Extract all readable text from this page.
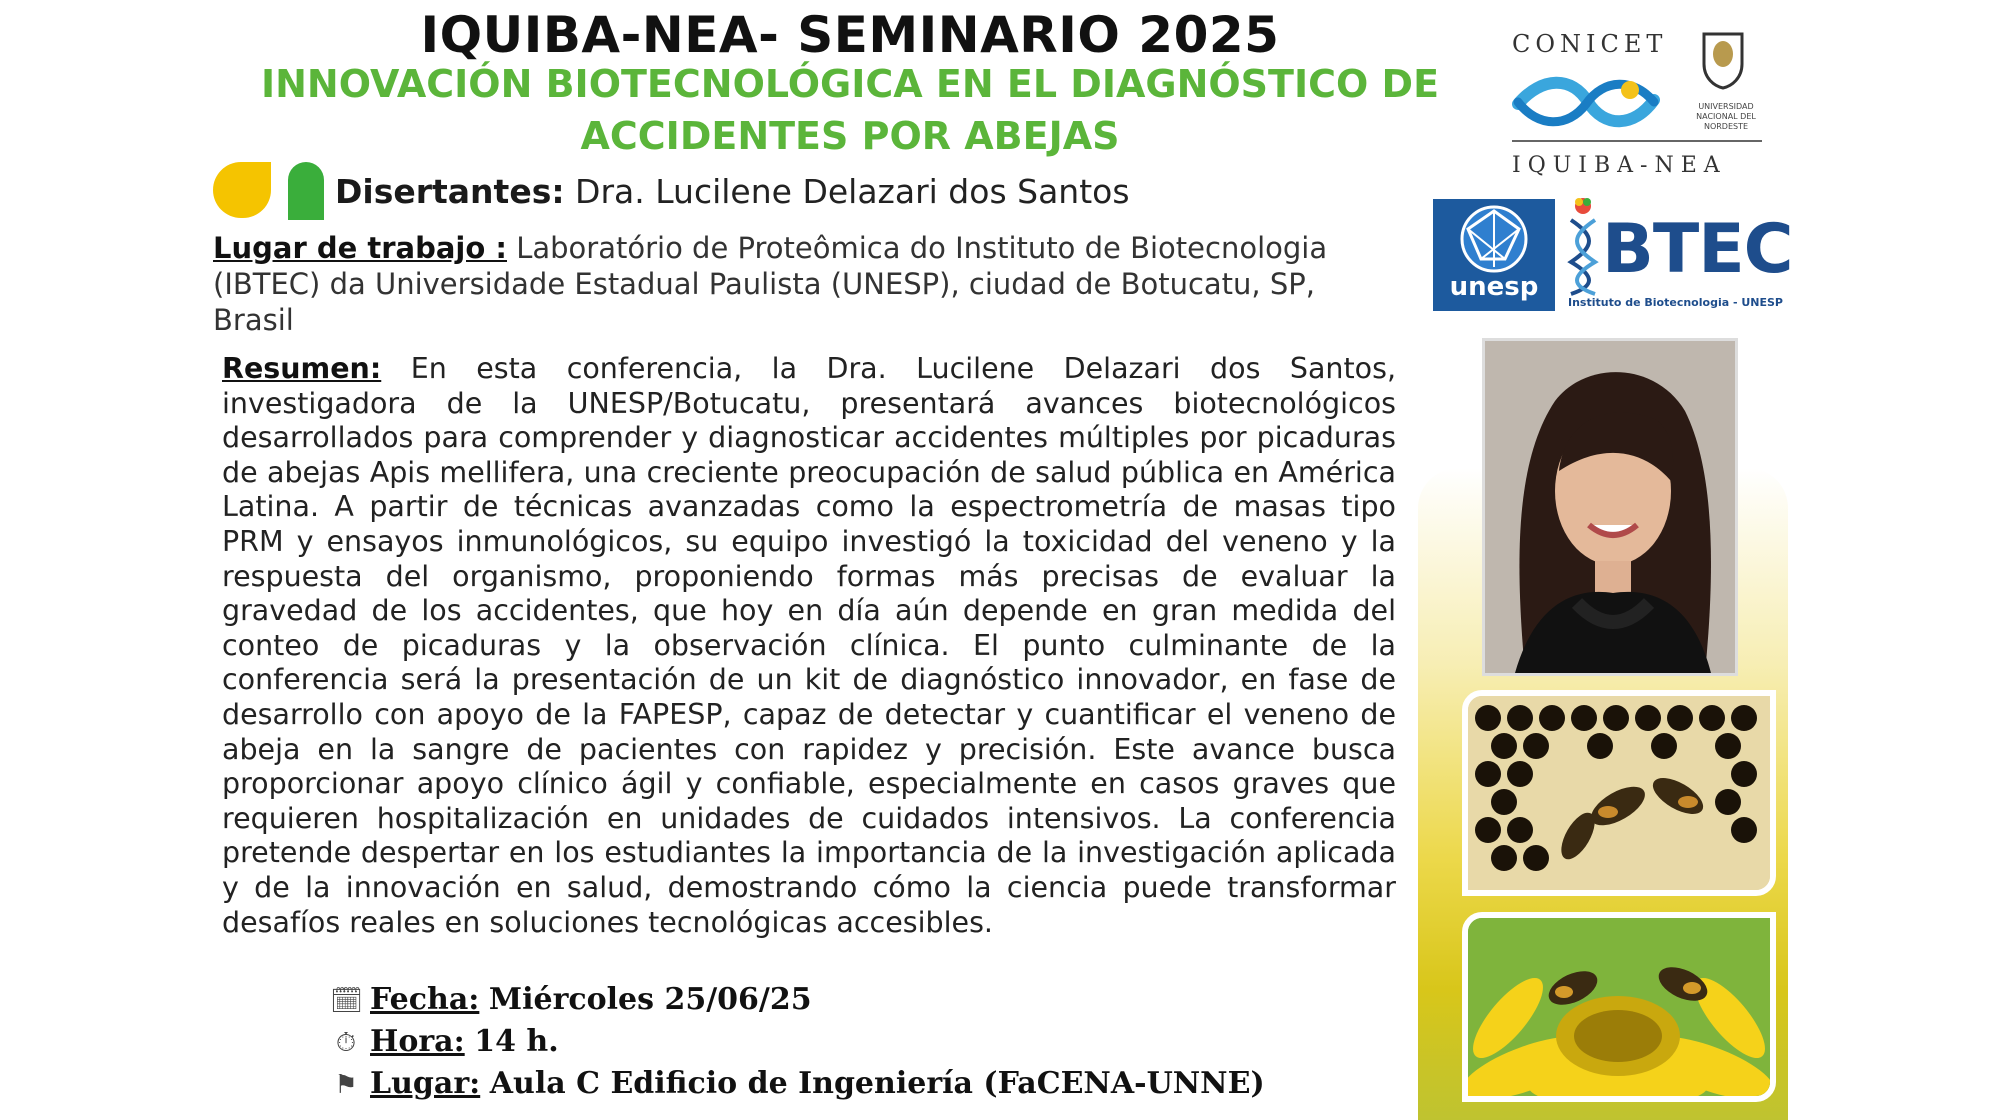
IQUIBA-NEA- SEMINARIO 2025
INNOVACIÓN BIOTECNOLÓGICA EN EL DIAGNÓSTICO DE ACCIDENTES POR ABEJAS
Disertantes: Dra. Lucilene Delazari dos Santos
Lugar de trabajo : Laboratório de Proteômica do Instituto de Biotecnologia (IBTEC) da Universidade Estadual Paulista (UNESP), ciudad de Botucatu, SP, Brasil
Resumen: En esta conferencia, la Dra. Lucilene Delazari dos Santos, investigadora de la UNESP/Botucatu, presentará avances biotecnológicos desarrollados para comprender y diagnosticar accidentes múltiples por picaduras de abejas Apis mellifera, una creciente preocupación de salud pública en América Latina. A partir de técnicas avanzadas como la espectrometría de masas tipo PRM y ensayos inmunológicos, su equipo investigó la toxicidad del veneno y la respuesta del organismo, proponiendo formas más precisas de evaluar la gravedad de los accidentes, que hoy en día aún depende en gran medida del conteo de picaduras y la observación clínica. El punto culminante de la conferencia será la presentación de un kit de diagnóstico innovador, en fase de desarrollo con apoyo de la FAPESP, capaz de detectar y cuantificar el veneno de abeja en la sangre de pacientes con rapidez y precisión. Este avance busca proporcionar apoyo clínico ágil y confiable, especialmente en casos graves que requieren hospitalización en unidades de cuidados intensivos. La conferencia pretende despertar en los estudiantes la importancia de la investigación aplicada y de la innovación en salud, demostrando cómo la ciencia puede transformar desafíos reales en soluciones tecnológicas accesibles.
🗓 Fecha: Miércoles 25/06/25
⏱ Hora: 14 h.
⚑ Lugar: Aula C Edificio de Ingeniería (FaCENA-UNNE)
CONICET
UNIVERSIDAD NACIONAL DEL NORDESTE
IQUIBA-NEA
unesp BTEC
Instituto de Biotecnologia - UNESP
